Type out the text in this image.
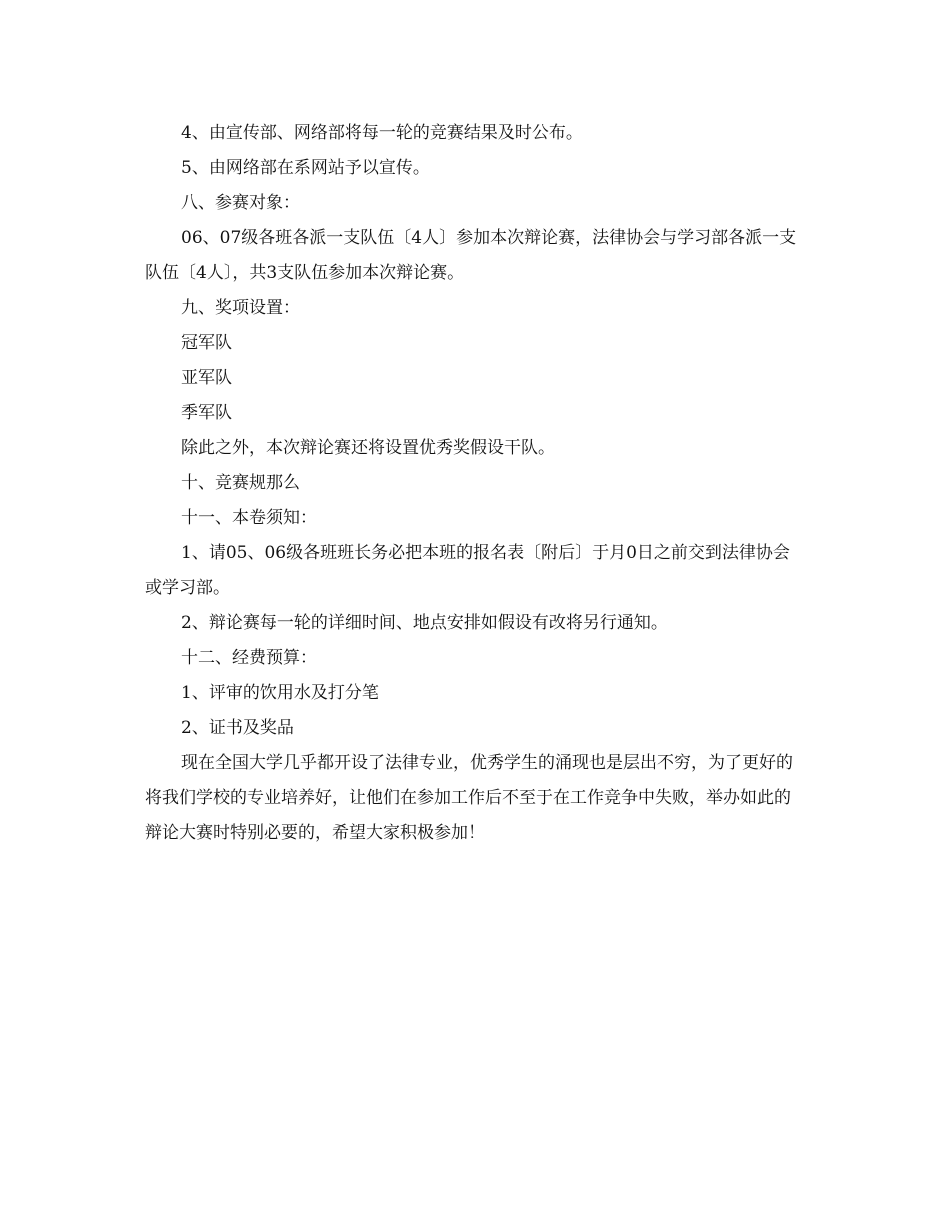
4、由宣传部、网络部将每一轮的竞赛结果及时公布。

5、由网络部在系网站予以宣传。

八、参赛对象：

06、07级各班各派一支队伍〔4人〕参加本次辩论赛，法律协会与学习部各派一支队伍〔4人〕，共3支队伍参加本次辩论赛。

九、奖项设置：

冠军队

亚军队

季军队

除此之外，本次辩论赛还将设置优秀奖假设干队。

十、竞赛规那么

十一、本卷须知：

1、请05、06级各班班长务必把本班的报名表〔附后〕于月0日之前交到法律协会或学习部。

2、辩论赛每一轮的详细时间、地点安排如假设有改将另行通知。

十二、经费预算：

1、评审的饮用水及打分笔

2、证书及奖品

现在全国大学几乎都开设了法律专业，优秀学生的涌现也是层出不穷，为了更好的将我们学校的专业培养好，让他们在参加工作后不至于在工作竞争中失败，举办如此的辩论大赛时特别必要的，希望大家积极参加！
